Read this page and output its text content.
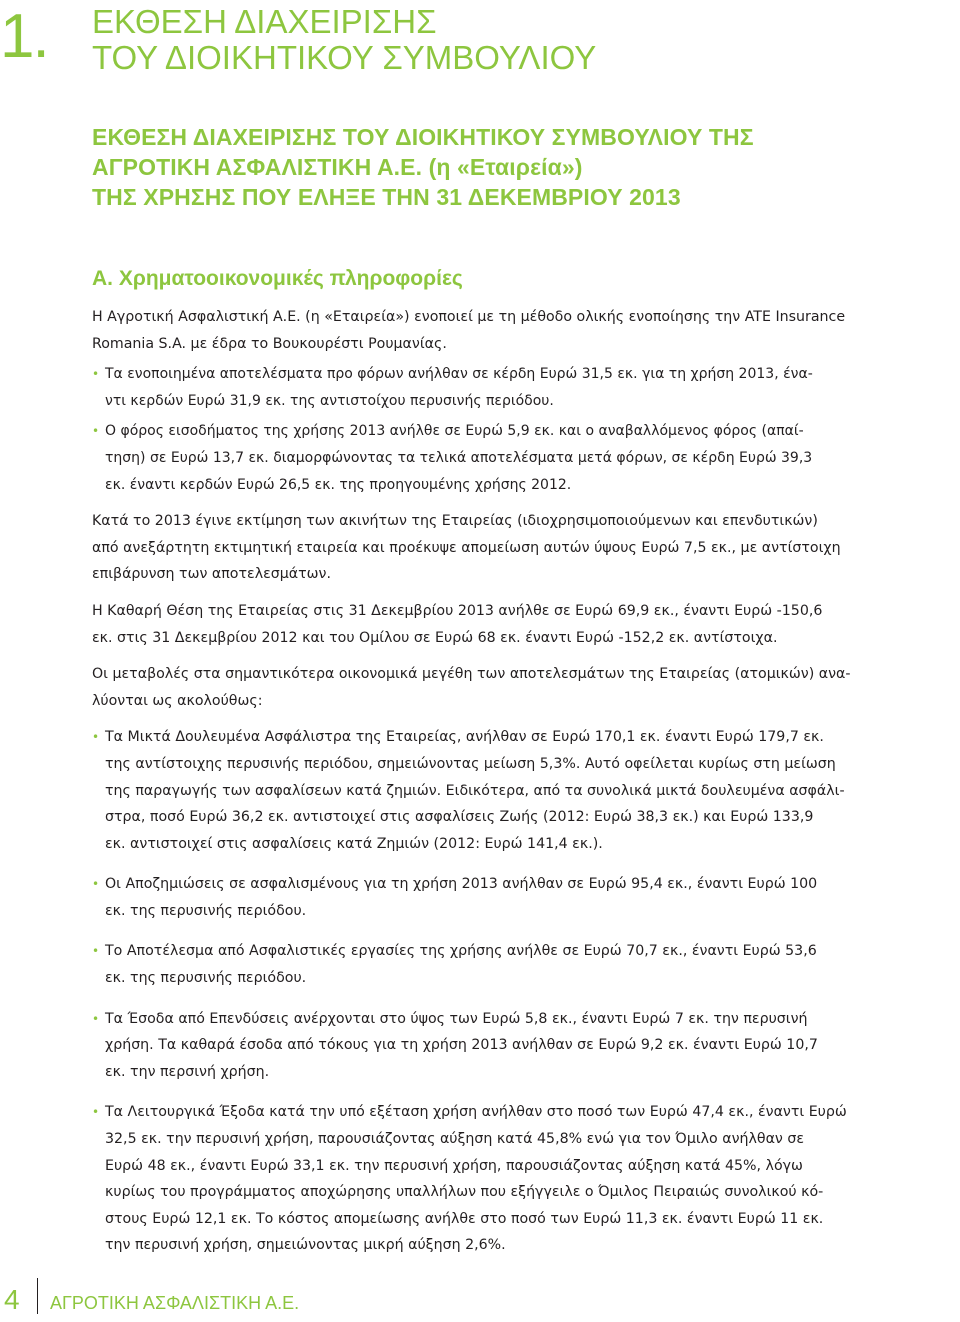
1. ΕΚΘΕΣΗ ΔΙΑΧΕΙΡΙΣΗΣ
ΤΟΥ ΔΙΟΙΚΗΤΙΚΟΥ ΣΥΜΒΟΥΛΙΟΥ
ΕΚΘΕΣΗ ΔΙΑΧΕΙΡΙΣΗΣ ΤΟΥ ΔΙΟΙΚΗΤΙΚΟΥ ΣΥΜΒΟΥΛΙΟΥ ΤΗΣ
ΑΓΡΟΤΙΚΗ ΑΣΦΑΛΙΣΤΙΚΗ Α.Ε. (η «Εταιρεία»)
ΤΗΣ ΧΡΗΣΗΣ ΠΟΥ ΕΛΗΞΕ ΤΗΝ 31 ΔΕΚΕΜΒΡΙΟΥ 2013
Α. Χρηματοοικονομικές πληροφορίες
Η Αγροτική Ασφαλιστική Α.Ε. (η «Εταιρεία») ενοποιεί με τη μέθοδο ολικής ενοποίησης την ATE Insurance
Romania S.A. με έδρα το Βουκουρέστι Ρουμανίας.
• Τα ενοποιημένα αποτελέσματα προ φόρων ανήλθαν σε κέρδη Ευρώ 31,5 εκ. για τη χρήση 2013, ένα-
ντι κερδών Ευρώ 31,9 εκ. της αντιστοίχου περυσινής περιόδου.
• Ο φόρος εισοδήματος της χρήσης 2013 ανήλθε σε Ευρώ 5,9 εκ. και ο αναβαλλόμενος φόρος (απαί-
τηση) σε Ευρώ 13,7 εκ. διαμορφώνοντας τα τελικά αποτελέσματα μετά φόρων, σε κέρδη Ευρώ 39,3
εκ. έναντι κερδών Ευρώ 26,5 εκ. της προηγουμένης χρήσης 2012.
Κατά το 2013 έγινε εκτίμηση των ακινήτων της Εταιρείας (ιδιοχρησιμοποιούμενων και επενδυτικών)
από ανεξάρτητη εκτιμητική εταιρεία και προέκυψε απομείωση αυτών ύψους Ευρώ 7,5 εκ., με αντίστοιχη
επιβάρυνση των αποτελεσμάτων.
Η Καθαρή Θέση της Εταιρείας στις 31 Δεκεμβρίου 2013 ανήλθε σε Ευρώ 69,9 εκ., έναντι Ευρώ -150,6
εκ. στις 31 Δεκεμβρίου 2012 και του Ομίλου σε Ευρώ 68 εκ. έναντι Ευρώ -152,2 εκ. αντίστοιχα.
Οι μεταβολές στα σημαντικότερα οικονομικά μεγέθη των αποτελεσμάτων της Εταιρείας (ατομικών) ανα-
λύονται ως ακολούθως:
• Τα Μικτά Δουλευμένα Ασφάλιστρα της Εταιρείας, ανήλθαν σε Ευρώ 170,1 εκ. έναντι Ευρώ 179,7 εκ.
της αντίστοιχης περυσινής περιόδου, σημειώνοντας μείωση 5,3%. Αυτό οφείλεται κυρίως στη μείωση
της παραγωγής των ασφαλίσεων κατά ζημιών. Ειδικότερα, από τα συνολικά μικτά δουλευμένα ασφάλι-
στρα, ποσό Ευρώ 36,2 εκ. αντιστοιχεί στις ασφαλίσεις Ζωής (2012: Ευρώ 38,3 εκ.) και Ευρώ 133,9
εκ. αντιστοιχεί στις ασφαλίσεις κατά Ζημιών (2012: Ευρώ 141,4 εκ.).
• Οι Αποζημιώσεις σε ασφαλισμένους για τη χρήση 2013 ανήλθαν σε Ευρώ 95,4 εκ., έναντι Ευρώ 100
εκ. της περυσινής περιόδου.
• Το Αποτέλεσμα από Ασφαλιστικές εργασίες της χρήσης ανήλθε σε Ευρώ 70,7 εκ., έναντι Ευρώ 53,6
εκ. της περυσινής περιόδου.
• Τα Έσοδα από Επενδύσεις ανέρχονται στο ύψος των Ευρώ 5,8 εκ., έναντι Ευρώ 7 εκ. την περυσινή
χρήση. Τα καθαρά έσοδα από τόκους για τη χρήση 2013 ανήλθαν σε Ευρώ 9,2 εκ. έναντι Ευρώ 10,7
εκ. την περσινή χρήση.
• Τα Λειτουργικά Έξοδα κατά την υπό εξέταση χρήση ανήλθαν στο ποσό των Ευρώ 47,4 εκ., έναντι Ευρώ
32,5 εκ. την περυσινή χρήση, παρουσιάζοντας αύξηση κατά 45,8% ενώ για τον Όμιλο ανήλθαν σε
Ευρώ 48 εκ., έναντι Ευρώ 33,1 εκ. την περυσινή χρήση, παρουσιάζοντας αύξηση κατά 45%, λόγω
κυρίως του προγράμματος αποχώρησης υπαλλήλων που εξήγγειλε ο Όμιλος Πειραιώς συνολικού κό-
στους Ευρώ 12,1 εκ. Το κόστος απομείωσης ανήλθε στο ποσό των Ευρώ 11,3 εκ. έναντι Ευρώ 11 εκ.
την περυσινή χρήση, σημειώνοντας μικρή αύξηση 2,6%.
4 ΑΓΡΟΤΙΚΗ ΑΣΦΑΛΙΣΤΙΚΗ Α.Ε.
